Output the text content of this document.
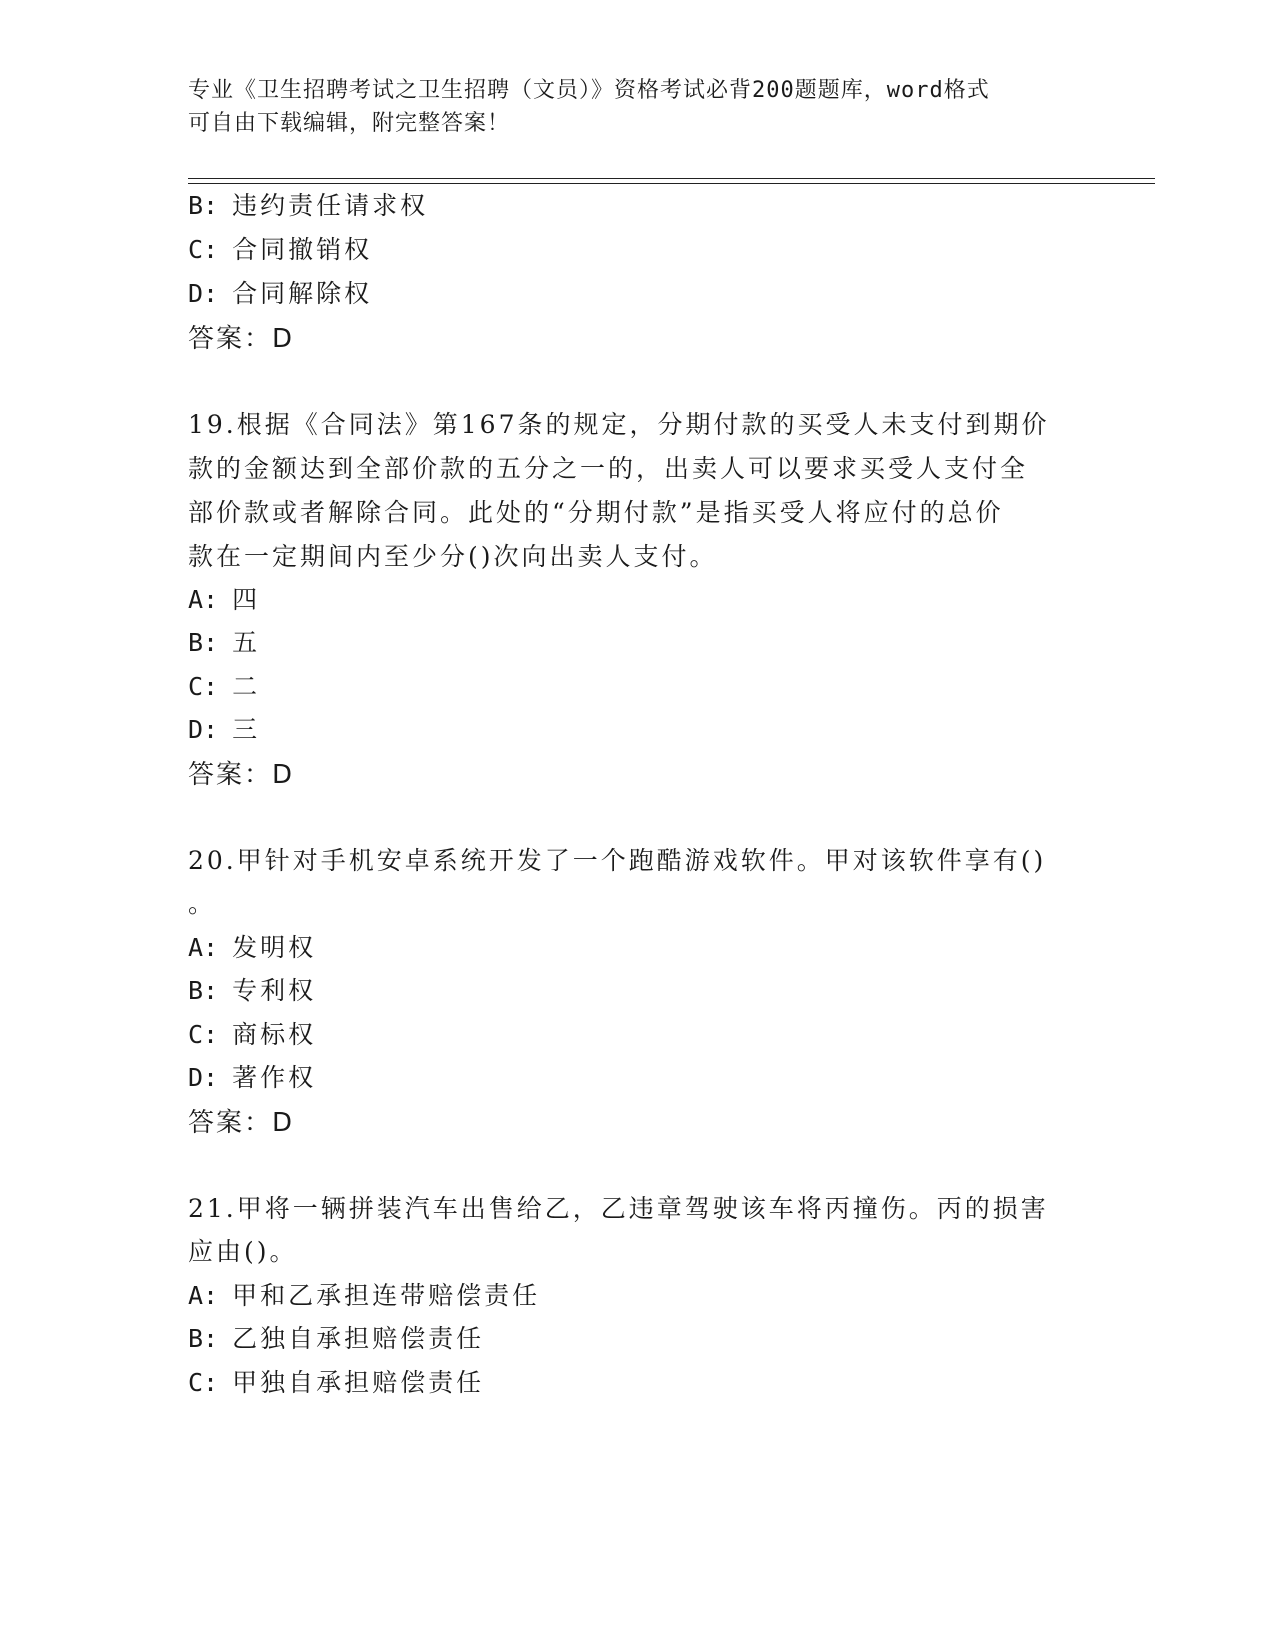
专业《卫生招聘考试之卫生招聘（文员）》资格考试必背200题题库，word格式
可自由下载编辑，附完整答案！
B: 违约责任请求权
C: 合同撤销权
D: 合同解除权
答案：D
19.根据《合同法》第167条的规定，分期付款的买受人未支付到期价
款的金额达到全部价款的五分之一的，出卖人可以要求买受人支付全
部价款或者解除合同。此处的“分期付款”是指买受人将应付的总价
款在一定期间内至少分()次向出卖人支付。
A: 四
B: 五
C: 二
D: 三
答案：D
20.甲针对手机安卓系统开发了一个跑酷游戏软件。甲对该软件享有()
。
A: 发明权
B: 专利权
C: 商标权
D: 著作权
答案：D
21.甲将一辆拼装汽车出售给乙，乙违章驾驶该车将丙撞伤。丙的损害
应由()。
A: 甲和乙承担连带赔偿责任
B: 乙独自承担赔偿责任
C: 甲独自承担赔偿责任
